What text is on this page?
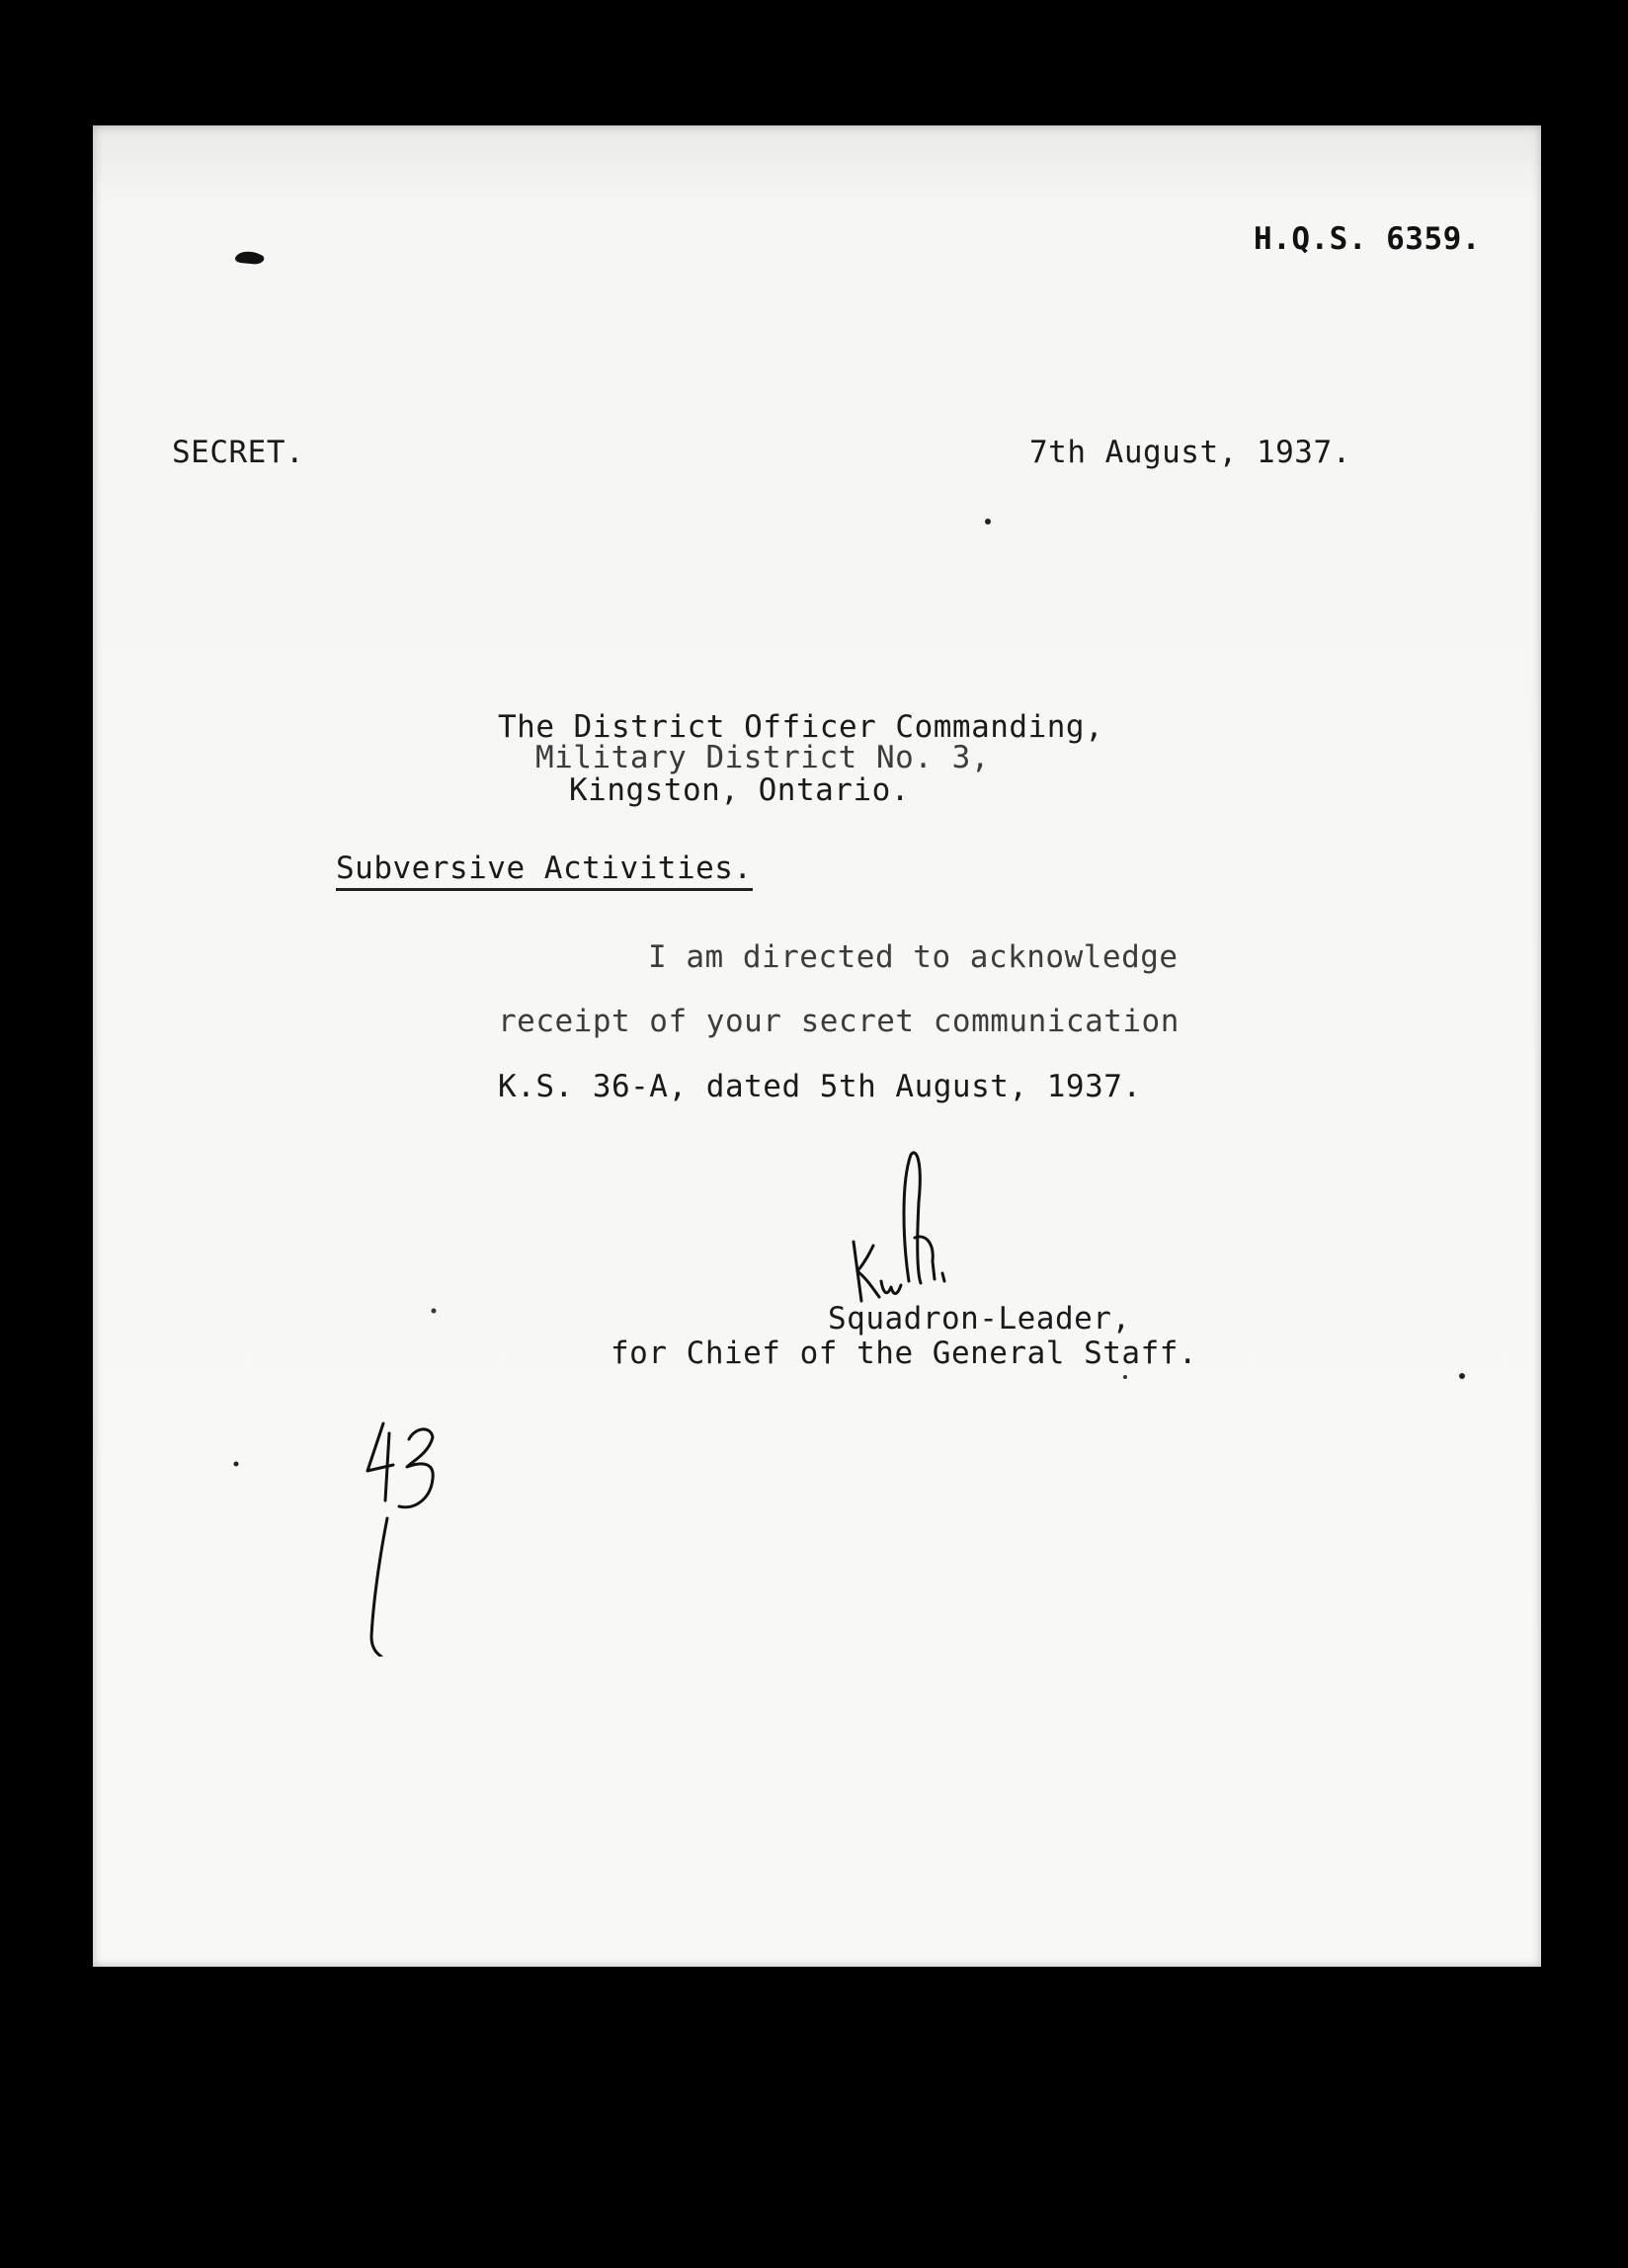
H.Q.S. 6359.
SECRET.	7th August, 1937.
The District Officer Commanding,
Military District No. 3,
Kingston, Ontario.
Subversive Activities.
I am directed to acknowledge
receipt of your secret communication
K.S. 36-A, dated 5th August, 1937.
Squadron-Leader,
for Chief of the General Staff.
